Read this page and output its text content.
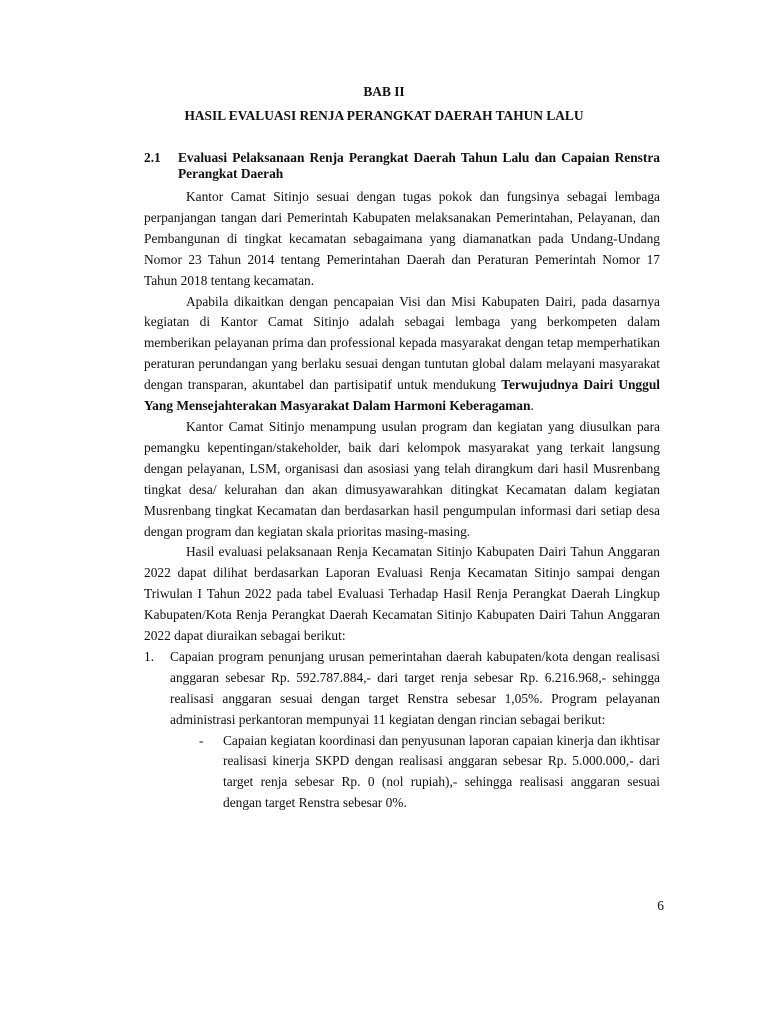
BAB II
HASIL EVALUASI RENJA PERANGKAT DAERAH TAHUN LALU
2.1 Evaluasi Pelaksanaan Renja Perangkat Daerah Tahun Lalu dan Capaian Renstra Perangkat Daerah

Kantor Camat Sitinjo sesuai dengan tugas pokok dan fungsinya sebagai lembaga perpanjangan tangan dari Pemerintah Kabupaten melaksanakan Pemerintahan, Pelayanan, dan Pembangunan di tingkat kecamatan sebagaimana yang diamanatkan pada Undang-Undang Nomor 23 Tahun 2014 tentang Pemerintahan Daerah dan Peraturan Pemerintah Nomor 17 Tahun 2018 tentang kecamatan.

Apabila dikaitkan dengan pencapaian Visi dan Misi Kabupaten Dairi, pada dasarnya kegiatan di Kantor Camat Sitinjo adalah sebagai lembaga yang berkompeten dalam memberikan pelayanan prima dan professional kepada masyarakat dengan tetap memperhatikan peraturan perundangan yang berlaku sesuai dengan tuntutan global dalam melayani masyarakat dengan transparan, akuntabel dan partisipatif untuk mendukung Terwujudnya Dairi Unggul Yang Mensejahterakan Masyarakat Dalam Harmoni Keberagaman.

Kantor Camat Sitinjo menampung usulan program dan kegiatan yang diusulkan para pemangku kepentingan/stakeholder, baik dari kelompok masyarakat yang terkait langsung dengan pelayanan, LSM, organisasi dan asosiasi yang telah dirangkum dari hasil Musrenbang tingkat desa/ kelurahan dan akan dimusyawarahkan ditingkat Kecamatan dalam kegiatan Musrenbang tingkat Kecamatan dan berdasarkan hasil pengumpulan informasi dari setiap desa dengan program dan kegiatan skala prioritas masing-masing.

Hasil evaluasi pelaksanaan Renja Kecamatan Sitinjo Kabupaten Dairi Tahun Anggaran 2022 dapat dilihat berdasarkan Laporan Evaluasi Renja Kecamatan Sitinjo sampai dengan Triwulan I Tahun 2022 pada tabel Evaluasi Terhadap Hasil Renja Perangkat Daerah Lingkup Kabupaten/Kota Renja Perangkat Daerah Kecamatan Sitinjo Kabupaten Dairi Tahun Anggaran 2022 dapat diuraikan sebagai berikut:

1. Capaian program penunjang urusan pemerintahan daerah kabupaten/kota dengan realisasi anggaran sebesar Rp. 592.787.884,- dari target renja sebesar Rp. 6.216.968,- sehingga realisasi anggaran sesuai dengan target Renstra sebesar 1,05%. Program pelayanan administrasi perkantoran mempunyai 11 kegiatan dengan rincian sebagai berikut:
- Capaian kegiatan koordinasi dan penyusunan laporan capaian kinerja dan ikhtisar realisasi kinerja SKPD dengan realisasi anggaran sebesar Rp. 5.000.000,- dari target renja sebesar Rp. 0 (nol rupiah),- sehingga realisasi anggaran sesuai dengan target Renstra sebesar 0%.
6
